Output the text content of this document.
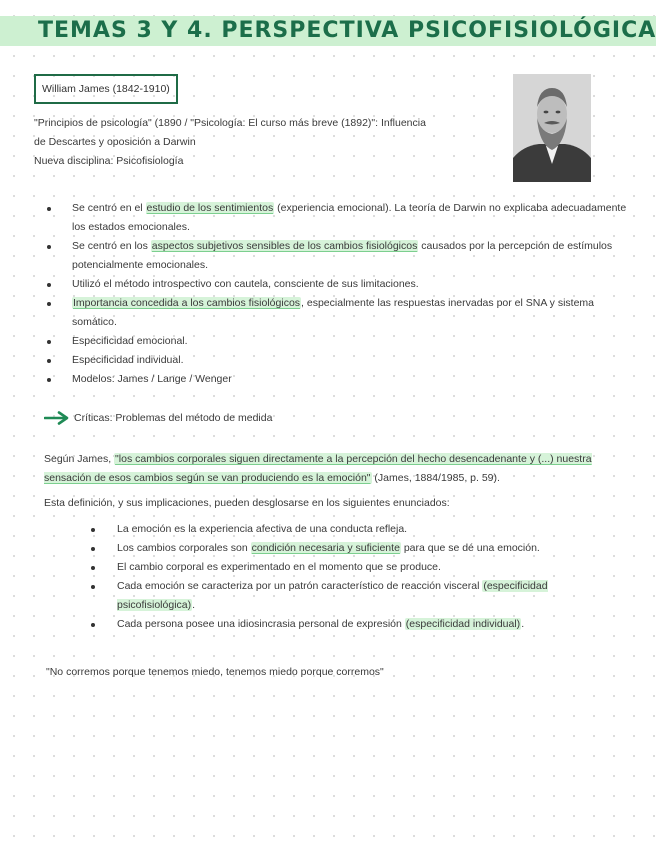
TEMAS 3 Y 4. PERSPECTIVA PSICOFISIOLÓGICA
William James (1842-1910)

"Principios de psicología" (1890 / "Psicología: El curso más breve (1892)": Influencia

de Descartes y oposición a Darwin

Nueva disciplina: Psicofisiología

Se centró en el estudio de los sentimientos (experiencia emocional). La teoría de Darwin no explicaba adecuadamente los estados emocionales.
Se centró en los aspectos subjetivos sensibles de los cambios fisiológicos causados por la percepción de estímulos potencialmente emocionales.
Utilizó el método introspectivo con cautela, consciente de sus limitaciones.
Importancia concedida a los cambios fisiológicos, especialmente las respuestas inervadas por el SNA y sistema somático.
Especificidad emocional.
Especificidad individual.
Modelos: James / Lange / Wenger

Críticas: Problemas del método de medida

Según James, "los cambios corporales siguen directamente a la percepción del hecho desencadenante y (...) nuestra sensación de esos cambios según se van produciendo es la emoción" (James, 1884/1985, p. 59).

Esta definición, y sus implicaciones, pueden desglosarse en los siguientes enunciados:

La emoción es la experiencia afectiva de una conducta refleja.
Los cambios corporales son condición necesaria y suficiente para que se dé una emoción.
El cambio corporal es experimentado en el momento que se produce.
Cada emoción se caracteriza por un patrón característico de reacción visceral (especificidad psicofisiológica).
Cada persona posee una idiosincrasia personal de expresión (especificidad individual).

"No corremos porque tenemos miedo, tenemos miedo porque corremos"
